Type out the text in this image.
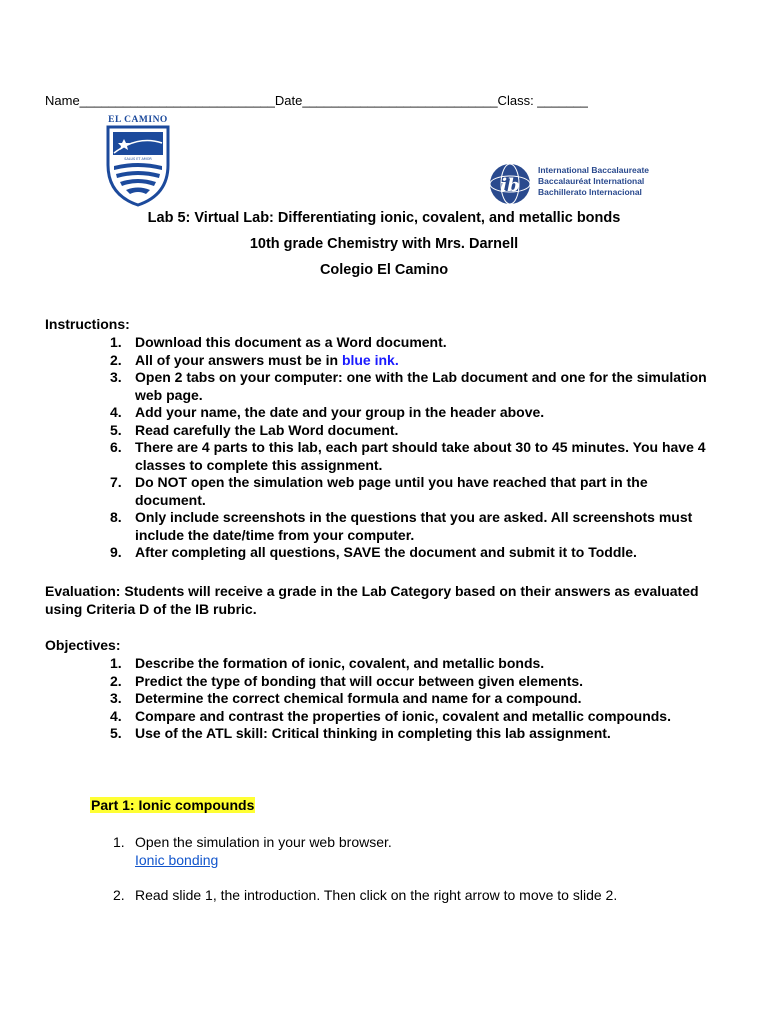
Name___________________________Date___________________________Class: _______
EL CAMINO
SALUS ET AMOR
ib
International Baccalaureate
Baccalauréat International
Bachillerato Internacional
Lab 5: Virtual Lab: Differentiating ionic, covalent, and metallic bonds
10th grade Chemistry with Mrs. Darnell
Colegio El Camino
Instructions:
1. Download this document as a Word document.
2. All of your answers must be in blue ink.
3. Open 2 tabs on your computer: one with the Lab document and one for the simulation web page.
4. Add your name, the date and your group in the header above.
5. Read carefully the Lab Word document.
6. There are 4 parts to this lab, each part should take about 30 to 45 minutes. You have 4 classes to complete this assignment.
7. Do NOT open the simulation web page until you have reached that part in the document.
8. Only include screenshots in the questions that you are asked. All screenshots must include the date/time from your computer.
9. After completing all questions, SAVE the document and submit it to Toddle.
Evaluation: Students will receive a grade in the Lab Category based on their answers as evaluated using Criteria D of the IB rubric.
Objectives:
1. Describe the formation of ionic, covalent, and metallic bonds.
2. Predict the type of bonding that will occur between given elements.
3. Determine the correct chemical formula and name for a compound.
4. Compare and contrast the properties of ionic, covalent and metallic compounds.
5. Use of the ATL skill: Critical thinking in completing this lab assignment.
Part 1: Ionic compounds
1. Open the simulation in your web browser.
Ionic bonding
2. Read slide 1, the introduction. Then click on the right arrow to move to slide 2.
